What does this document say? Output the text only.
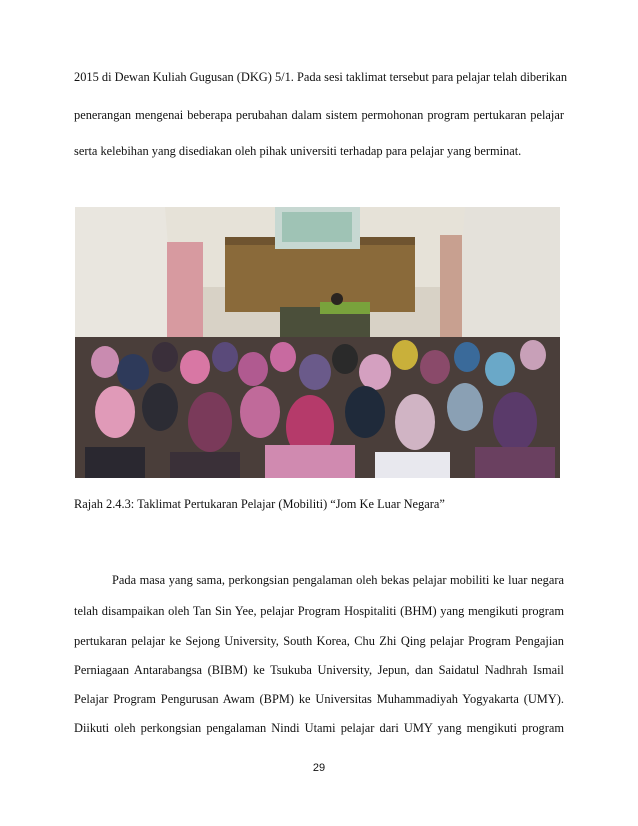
2015 di Dewan Kuliah Gugusan (DKG) 5/1. Pada sesi taklimat tersebut para pelajar telah diberikan
penerangan mengenai beberapa perubahan dalam sistem permohonan program pertukaran pelajar
serta kelebihan yang disediakan oleh pihak universiti terhadap para pelajar yang berminat.
Rajah 2.4.3: Taklimat Pertukaran Pelajar (Mobiliti) “Jom Ke Luar Negara”
Pada masa yang sama, perkongsian pengalaman oleh bekas pelajar mobiliti ke luar negara
telah disampaikan oleh Tan Sin Yee, pelajar Program Hospitaliti (BHM) yang mengikuti program
pertukaran pelajar ke Sejong University, South Korea, Chu Zhi Qing pelajar Program Pengajian
Perniagaan Antarabangsa (BIBM) ke Tsukuba University, Jepun, dan Saidatul Nadhrah Ismail
Pelajar Program Pengurusan Awam (BPM) ke Universitas Muhammadiyah Yogyakarta (UMY).
Diikuti oleh perkongsian pengalaman Nindi Utami pelajar dari UMY yang mengikuti program
29
